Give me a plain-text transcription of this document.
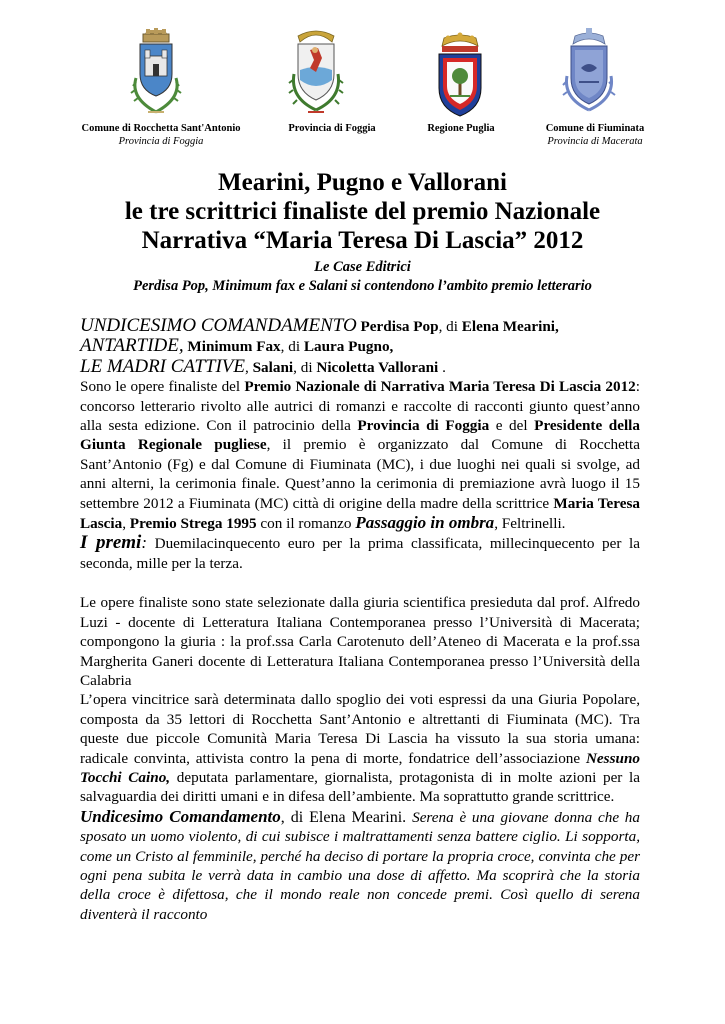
Comune di Rocchetta Sant'Antonio
Provincia di Foggia
Provincia di Foggia	Regione Puglia	Comune di Fiuminata
Provincia di Macerata
Mearini, Pugno e Vallorani
le tre scrittrici finaliste del premio Nazionale
Narrativa “Maria Teresa Di Lascia” 2012
Le Case Editrici
Perdisa Pop, Minimum fax e Salani si contendono l’ambito premio letterario

UNDICESIMO COMANDAMENTO Perdisa Pop, di Elena Mearini,

ANTARTIDE, Minimum Fax, di Laura Pugno,

LE MADRI CATTIVE, Salani, di Nicoletta Vallorani .

Sono le opere finaliste del Premio Nazionale di Narrativa Maria Teresa Di Lascia 2012: concorso letterario rivolto alle autrici di romanzi e raccolte di racconti giunto quest’anno alla sesta edizione. Con il patrocinio della Provincia di Foggia e del Presidente della Giunta Regionale pugliese, il premio è organizzato dal Comune di Rocchetta Sant’Antonio (Fg) e dal Comune di Fiuminata (MC), i due luoghi nei quali si svolge, ad anni alterni, la cerimonia finale. Quest’anno la cerimonia di premiazione avrà luogo il 15 settembre 2012 a Fiuminata (MC) città di origine della madre della scrittrice Maria Teresa Lascia, Premio Strega 1995 con il romanzo Passaggio in ombra, Feltrinelli.

I premi: Duemilacinquecento euro per la prima classificata, millecinquecento per la seconda, mille per la terza.

Le opere finaliste sono state selezionate dalla giuria scientifica presieduta dal prof. Alfredo Luzi - docente di Letteratura Italiana Contemporanea presso l’Università di Macerata; compongono la giuria : la prof.ssa Carla Carotenuto dell’Ateneo di Macerata e la prof.ssa Margherita Ganeri docente di Letteratura Italiana Contemporanea presso l’Università della Calabria

L’opera vincitrice sarà determinata dallo spoglio dei voti espressi da una Giuria Popolare, composta da 35 lettori di Rocchetta Sant’Antonio e altrettanti di Fiuminata (MC). Tra queste due piccole Comunità Maria Teresa Di Lascia ha vissuto la sua storia umana: radicale convinta, attivista contro la pena di morte, fondatrice dell’associazione Nessuno Tocchi Caino, deputata parlamentare, giornalista, protagonista di in molte azioni per la salvaguardia dei diritti umani e in difesa dell’ambiente. Ma soprattutto grande scrittrice.

Undicesimo Comandamento, di Elena Mearini. Serena è una giovane donna che ha sposato un uomo violento, di cui subisce i maltrattamenti senza battere ciglio. Li sopporta, come un Cristo al femminile, perché ha deciso di portare la propria croce, convinta che per ogni pena subita le verrà data in cambio una dose di affetto. Ma scoprirà che la storia della croce è difettosa, che il mondo reale non concede premi. Così quello di serena diventerà il racconto
